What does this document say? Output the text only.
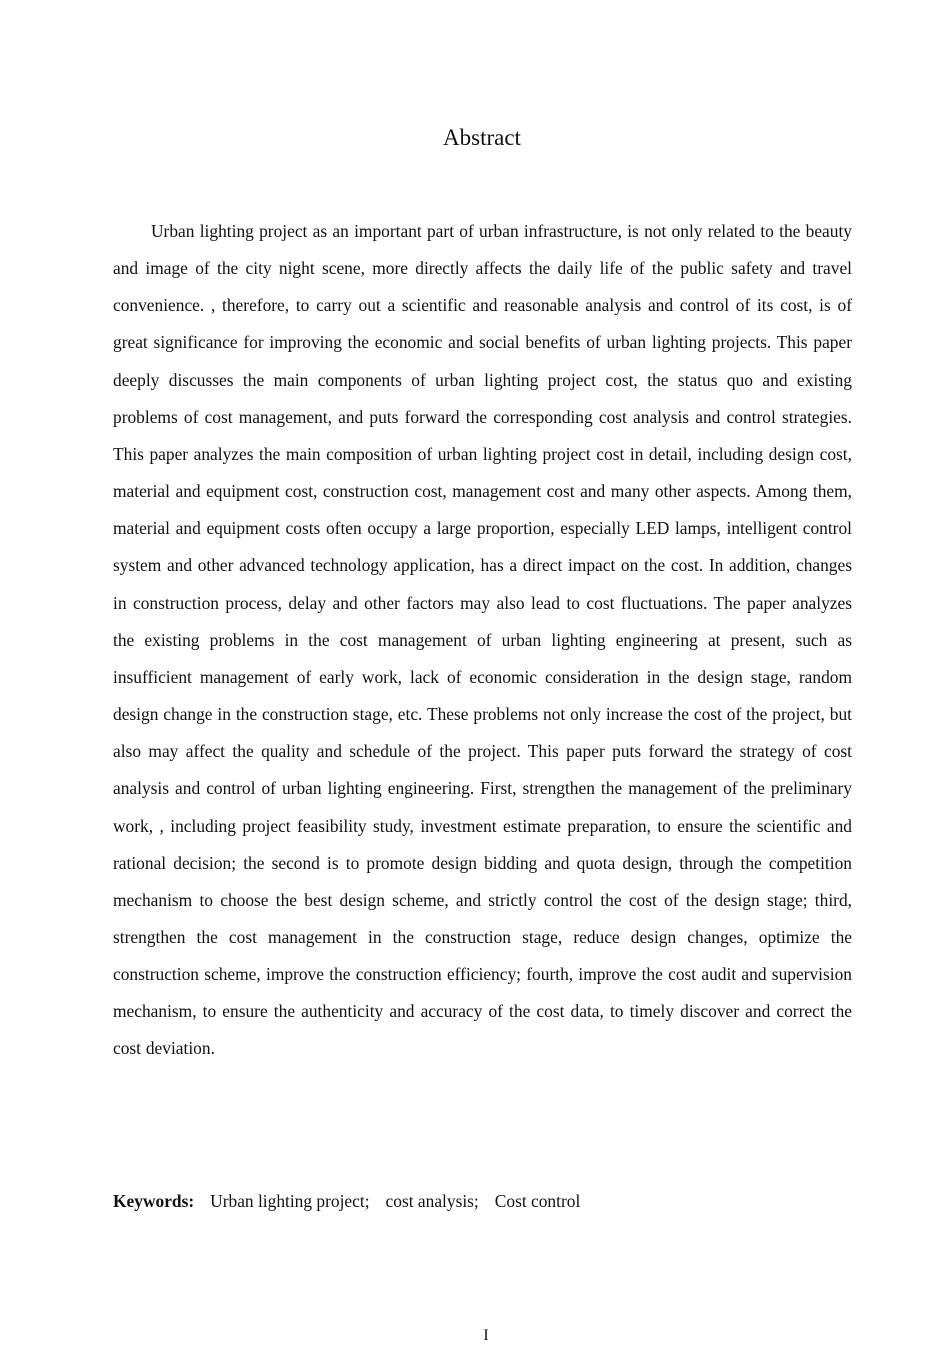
Abstract

Urban lighting project as an important part of urban infrastructure, is not only related to the beauty and image of the city night scene, more directly affects the daily life of the public safety and travel convenience. , therefore, to carry out a scientific and reasonable analysis and control of its cost, is of great significance for improving the economic and social benefits of urban lighting projects. This paper deeply discusses the main components of urban lighting project cost, the status quo and existing problems of cost management, and puts forward the corresponding cost analysis and control strategies. This paper analyzes the main composition of urban lighting project cost in detail, including design cost, material and equipment cost, construction cost, management cost and many other aspects. Among them, material and equipment costs often occupy a large proportion, especially LED lamps, intelligent control system and other advanced technology application, has a direct impact on the cost. In addition, changes in construction process, delay and other factors may also lead to cost fluctuations. The paper analyzes the existing problems in the cost management of urban lighting engineering at present, such as insufficient management of early work, lack of economic consideration in the design stage, random design change in the construction stage, etc. These problems not only increase the cost of the project, but also may affect the quality and schedule of the project. This paper puts forward the strategy of cost analysis and control of urban lighting engineering. First, strengthen the management of the preliminary work, , including project feasibility study, investment estimate preparation, to ensure the scientific and rational decision; the second is to promote design bidding and quota design, through the competition mechanism to choose the best design scheme, and strictly control the cost of the design stage; third, strengthen the cost management in the construction stage, reduce design changes, optimize the construction scheme, improve the construction efficiency; fourth, improve the cost audit and supervision mechanism, to ensure the authenticity and accuracy of the cost data, to timely discover and correct the cost deviation.

Keywords: Urban lighting project; cost analysis; Cost control

I
